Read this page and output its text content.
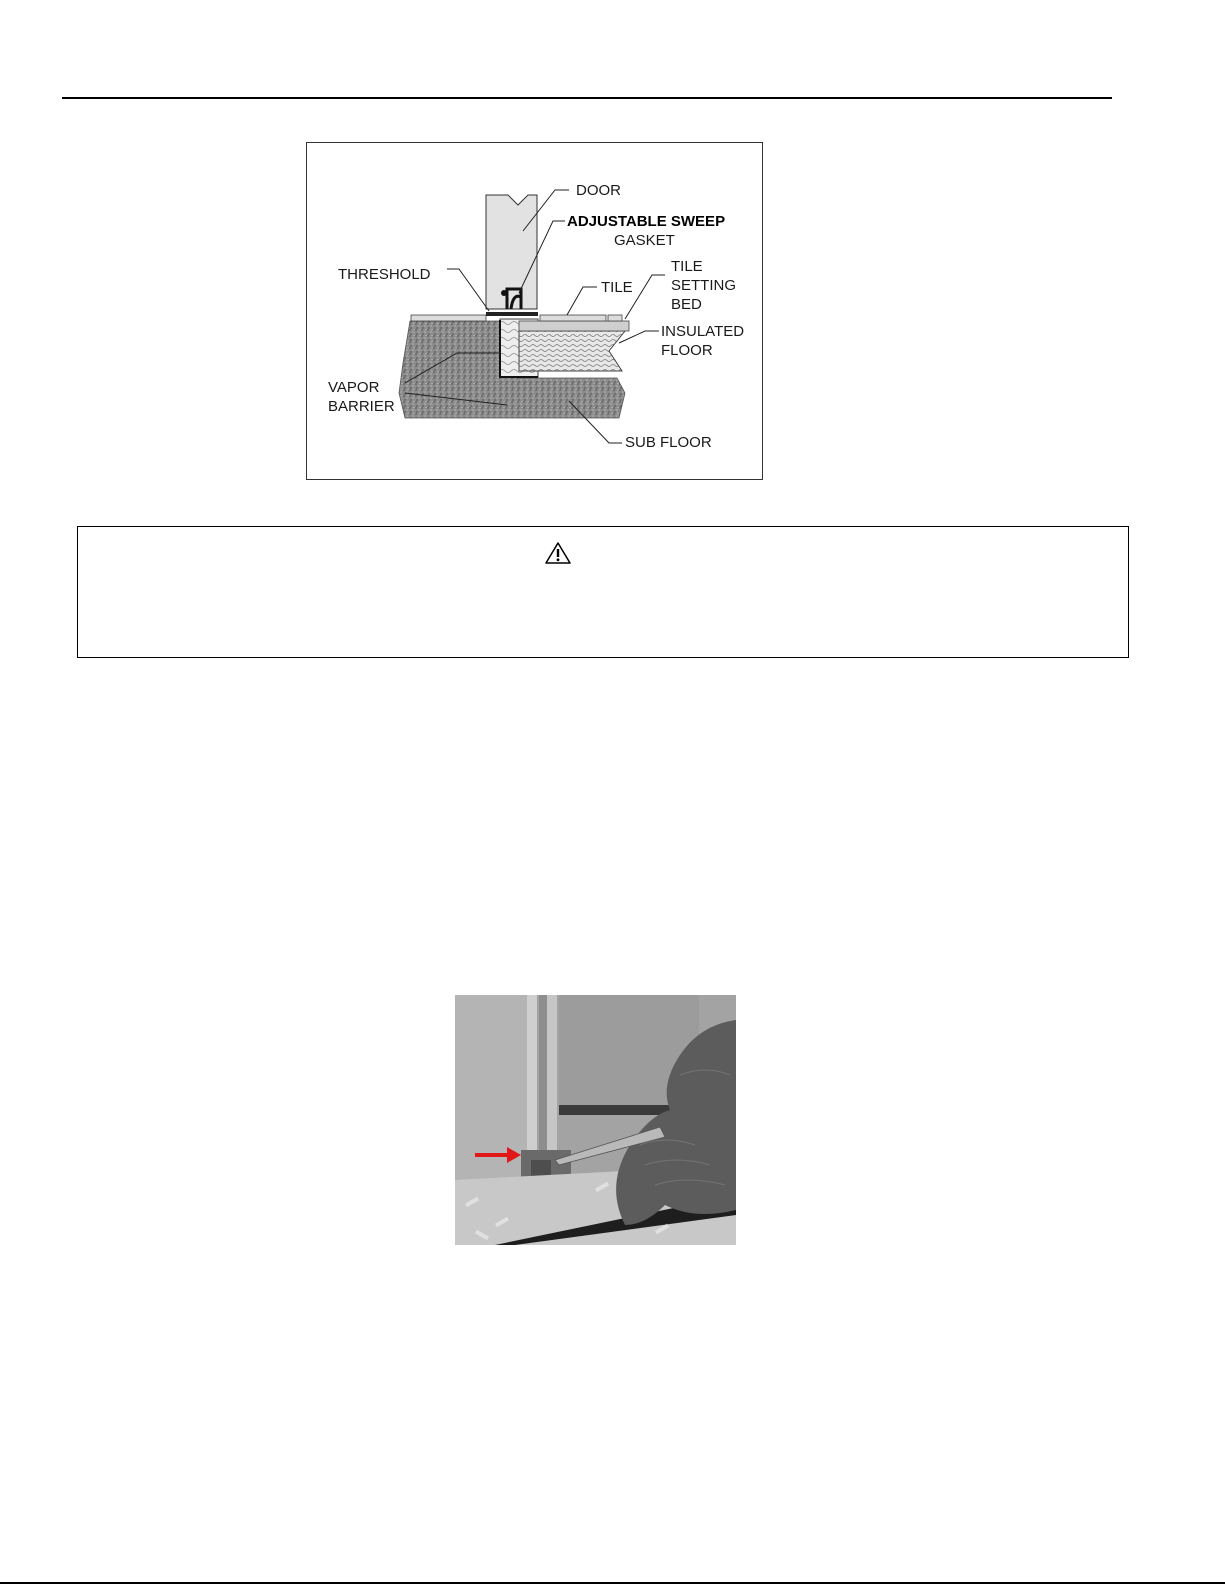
DOOR
ADJUSTABLE SWEEP
GASKET
THRESHOLD
TILE
TILE
SETTING
BED
INSULATED
FLOOR
VAPOR
BARRIER
SUB FLOOR
